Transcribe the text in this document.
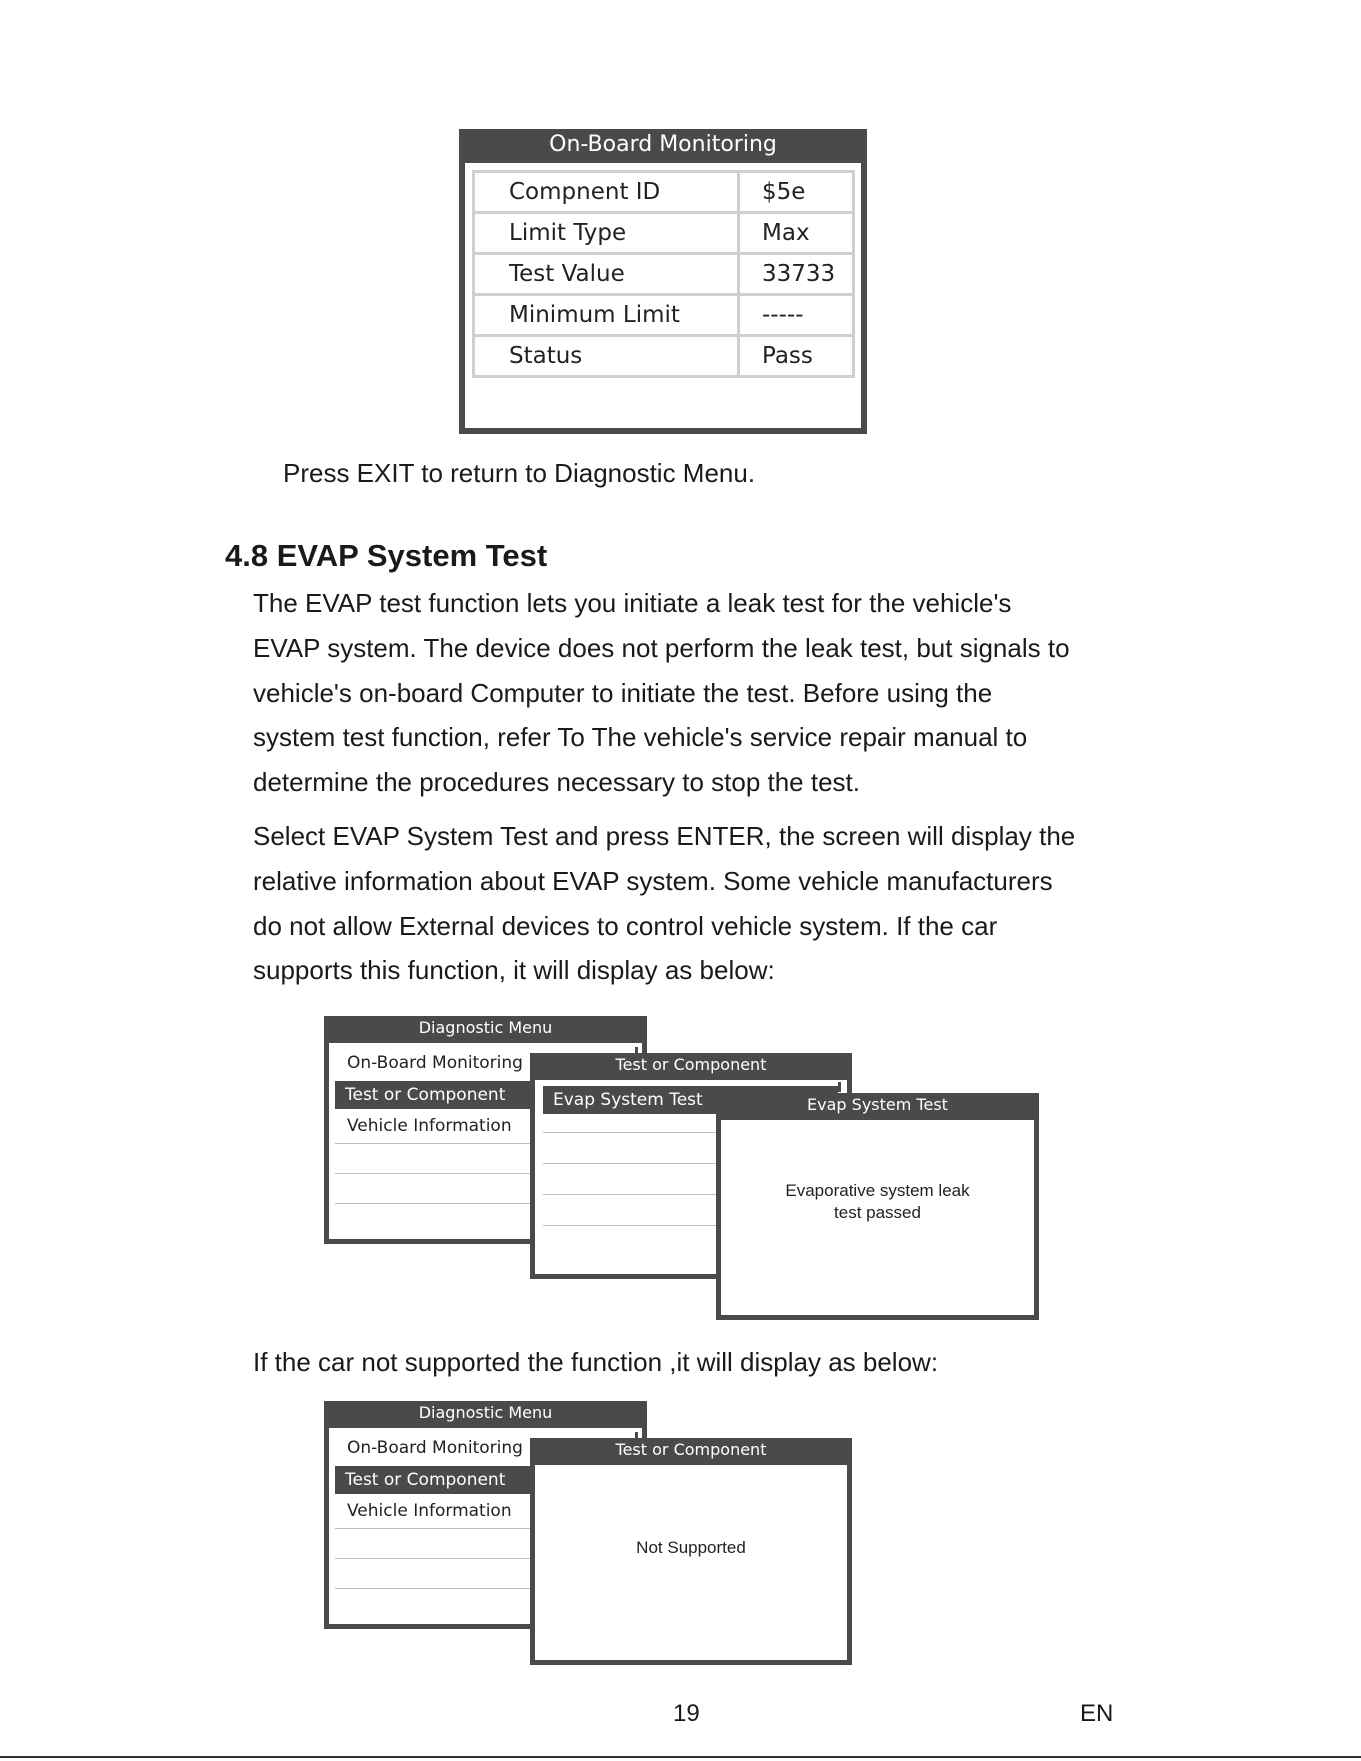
On-Board Monitoring
Compnent ID	$5e
Limit Type	Max
Test Value	33733
Minimum Limit	-----
Status	Pass
Press EXIT to return to Diagnostic Menu.
4.8 EVAP System Test

The EVAP test function lets you initiate a leak test for the vehicle's

EVAP system. The device does not perform the leak test, but signals to

vehicle's on-board Computer to initiate the test. Before using the

system test function, refer To The vehicle's service repair manual to

determine the procedures necessary to stop the test.

Select EVAP System Test and press ENTER, the screen will display the

relative information about EVAP system. Some vehicle manufacturers

do not allow External devices to control vehicle system. If the car

supports this function, it will display as below:

Diagnostic Menu
On-Board Monitoring
Test or Component
Vehicle Information
Test or Component
Evap System Test	Evap System Test
Evaporative system leak
test passed
If the car not supported the function ,it will display as below:
Diagnostic Menu
On-Board Monitoring
Test or Component
Vehicle Information
Test or Component
Not Supported
19	EN
